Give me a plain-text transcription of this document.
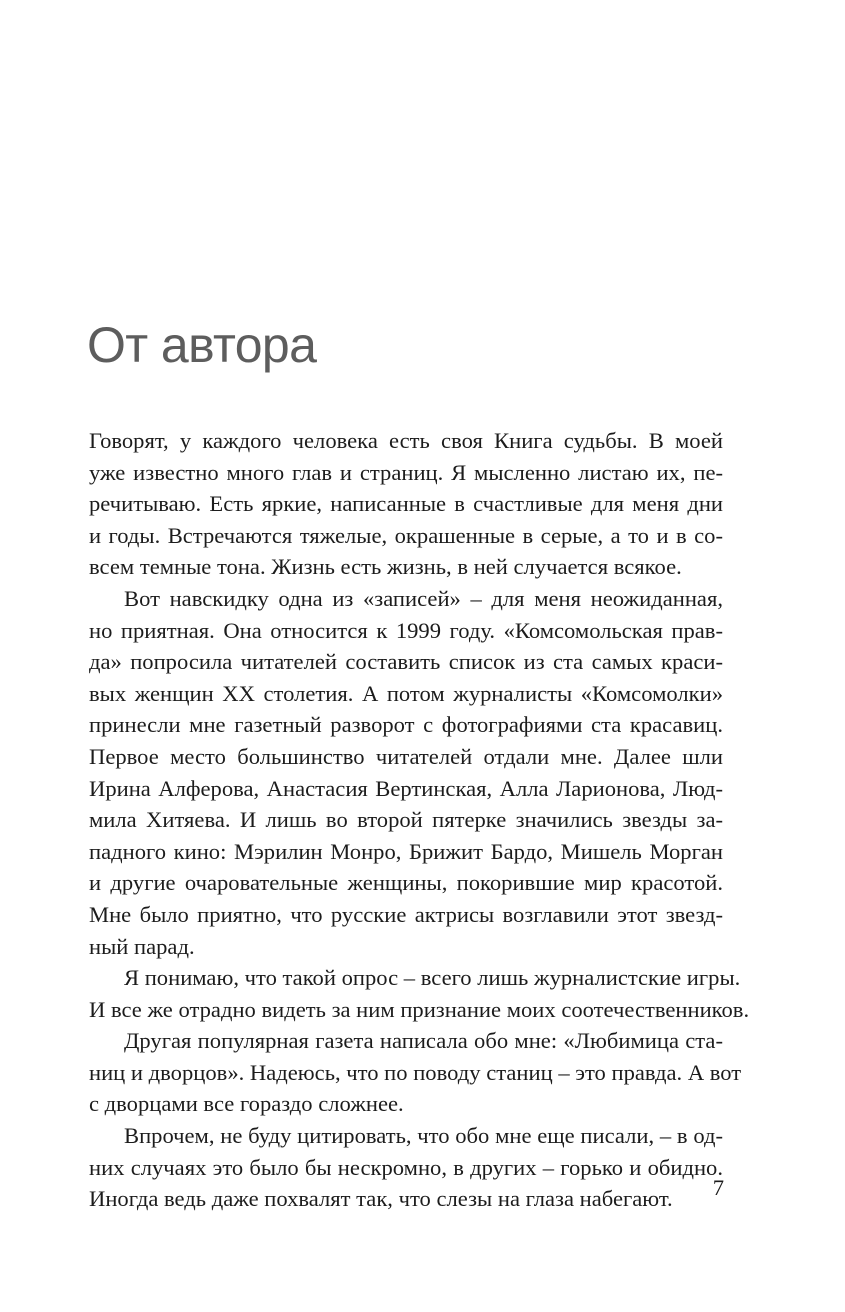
От автора
Говорят, у каждого человека есть своя Книга судьбы. В моей
уже известно много глав и страниц. Я мысленно листаю их, пе-
речитываю. Есть яркие, написанные в счастливые для меня дни
и годы. Встречаются тяжелые, окрашенные в серые, а то и в со-
всем темные тона. Жизнь есть жизнь, в ней случается всякое.
Вот навскидку одна из «записей» – для меня неожиданная,
но приятная. Она относится к 1999 году. «Комсомольская прав-
да» попросила читателей составить список из ста самых краси-
вых женщин XX столетия. А потом журналисты «Комсомолки»
принесли мне газетный разворот с фотографиями ста красавиц.
Первое место большинство читателей отдали мне. Далее шли
Ирина Алферова, Анастасия Вертинская, Алла Ларионова, Люд-
мила Хитяева. И лишь во второй пятерке значились звезды за-
падного кино: Мэрилин Монро, Брижит Бардо, Мишель Морган
и другие очаровательные женщины, покорившие мир красотой.
Мне было приятно, что русские актрисы возглавили этот звезд-
ный парад.
Я понимаю, что такой опрос – всего лишь журналистские игры.
И все же отрадно видеть за ним признание моих соотечественников.
Другая популярная газета написала обо мне: «Любимица ста-
ниц и дворцов». Надеюсь, что по поводу станиц – это правда. А вот
с дворцами все гораздо сложнее.
Впрочем, не буду цитировать, что обо мне еще писали, – в од-
них случаях это было бы нескромно, в других – горько и обидно.
Иногда ведь даже похвалят так, что слезы на глаза набегают.	7
